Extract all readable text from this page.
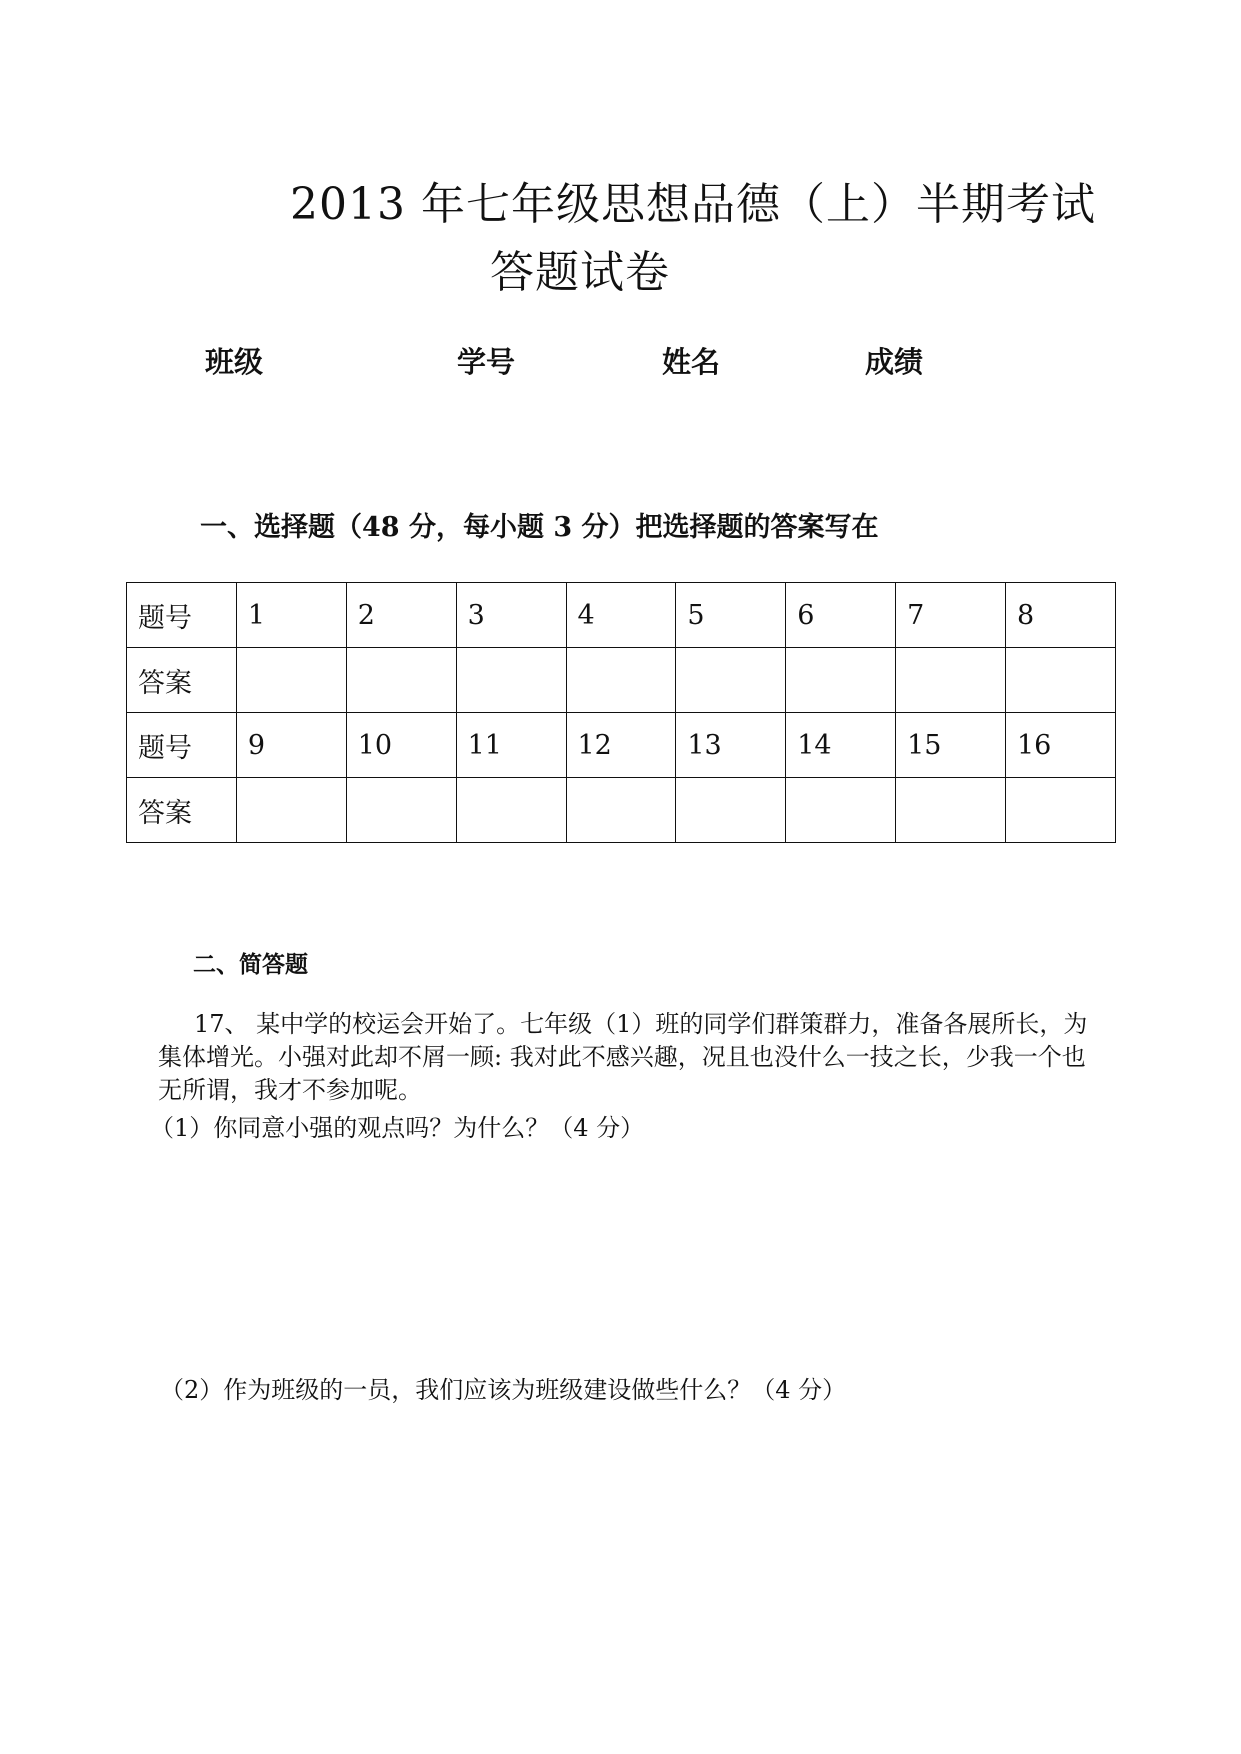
2013 年七年级思想品德（上）半期考试
答题试卷
班级	学号	姓名	成绩
一、选择题（48 分，每小题 3 分）把选择题的答案写在
题号	1	2	3	4	5	6	7	8
答案								
题号	9	10	11	12	13	14	15	16
答案								
二、简答题
17、 某中学的校运会开始了。七年级（1）班的同学们群策群力，准备各展所长，为
集体增光。小强对此却不屑一顾: 我对此不感兴趣，况且也没什么一技之长，少我一个也
无所谓，我才不参加呢。
（1）你同意小强的观点吗？为什么？（4 分）
（2）作为班级的一员，我们应该为班级建设做些什么？（4 分）
